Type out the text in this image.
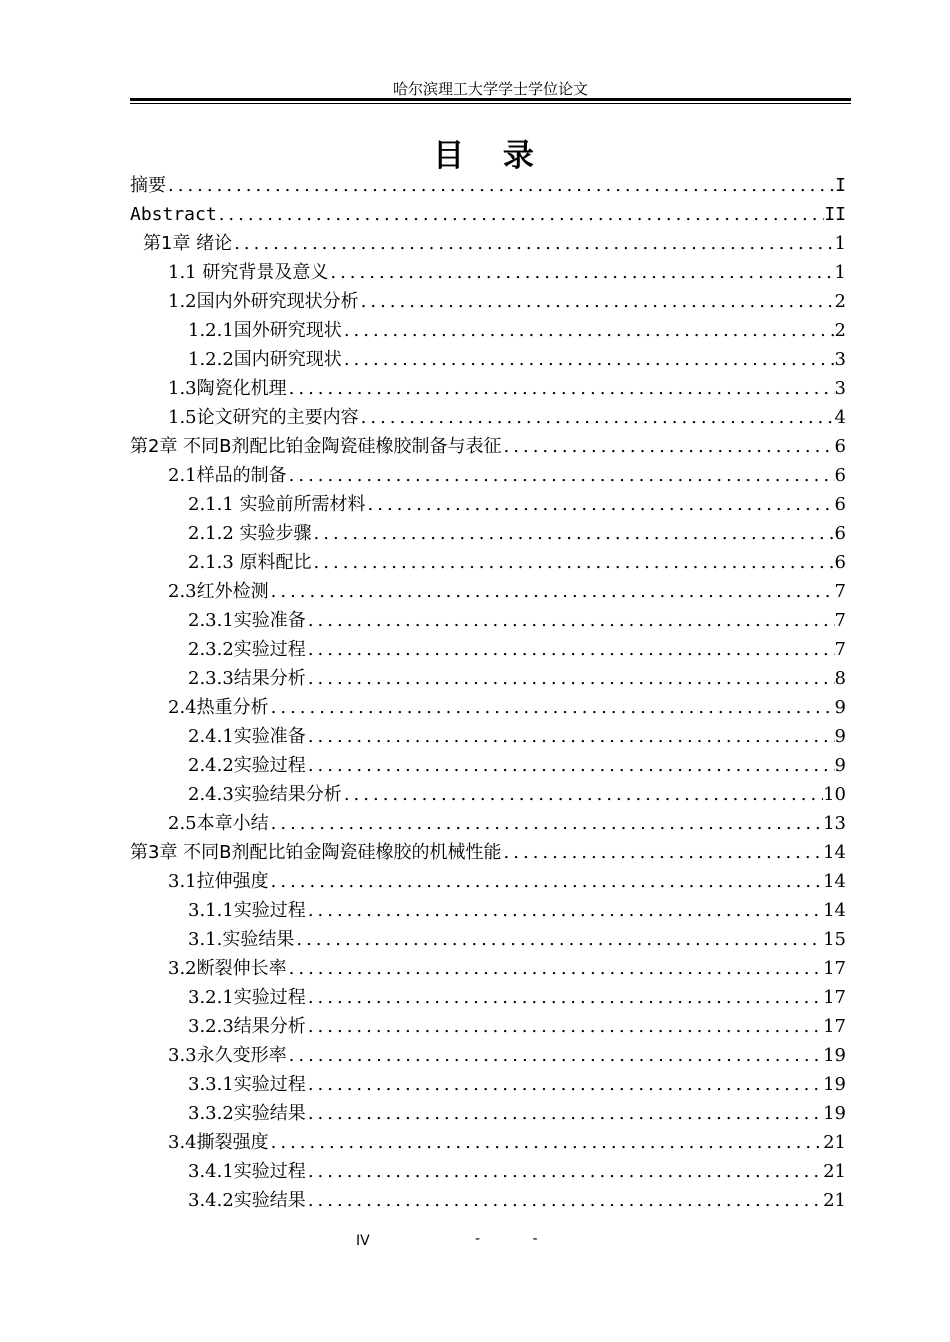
哈尔滨理工大学学士学位论文
目 录
摘要 .....	I
Abstract .....	II
第1章 绪论 .....	1
1.1 研究背景及意义 .....	1
1.2国内外研究现状分析 .....	2
1.2.1国外研究现状 .....	2
1.2.2国内研究现状 .....	3
1.3陶瓷化机理 .....	3
1.5论文研究的主要内容 .....	4
第2章 不同B剂配比铂金陶瓷硅橡胶制备与表征 .....	6
2.1样品的制备 .....	6
2.1.1 实验前所需材料 .....	6
2.1.2 实验步骤 .....	6
2.1.3 原料配比 .....	6
2.3红外检测 .....	7
2.3.1实验准备 .....	7
2.3.2实验过程 .....	7
2.3.3结果分析 .....	8
2.4热重分析 .....	9
2.4.1实验准备 .....	9
2.4.2实验过程 .....	9
2.4.3实验结果分析 .....	10
2.5本章小结 .....	13
第3章 不同B剂配比铂金陶瓷硅橡胶的机械性能 .....	14
3.1拉伸强度 .....	14
3.1.1实验过程 .....	14
3.1.实验结果 .....	15
3.2断裂伸长率 .....	17
3.2.1实验过程 .....	17
3.2.3结果分析 .....	17
3.3永久变形率 .....	19
3.3.1实验过程 .....	19
3.3.2实验结果 .....	19
3.4撕裂强度 .....	21
3.4.1实验过程 .....	21
3.4.2实验结果 .....	21
IV	- -
